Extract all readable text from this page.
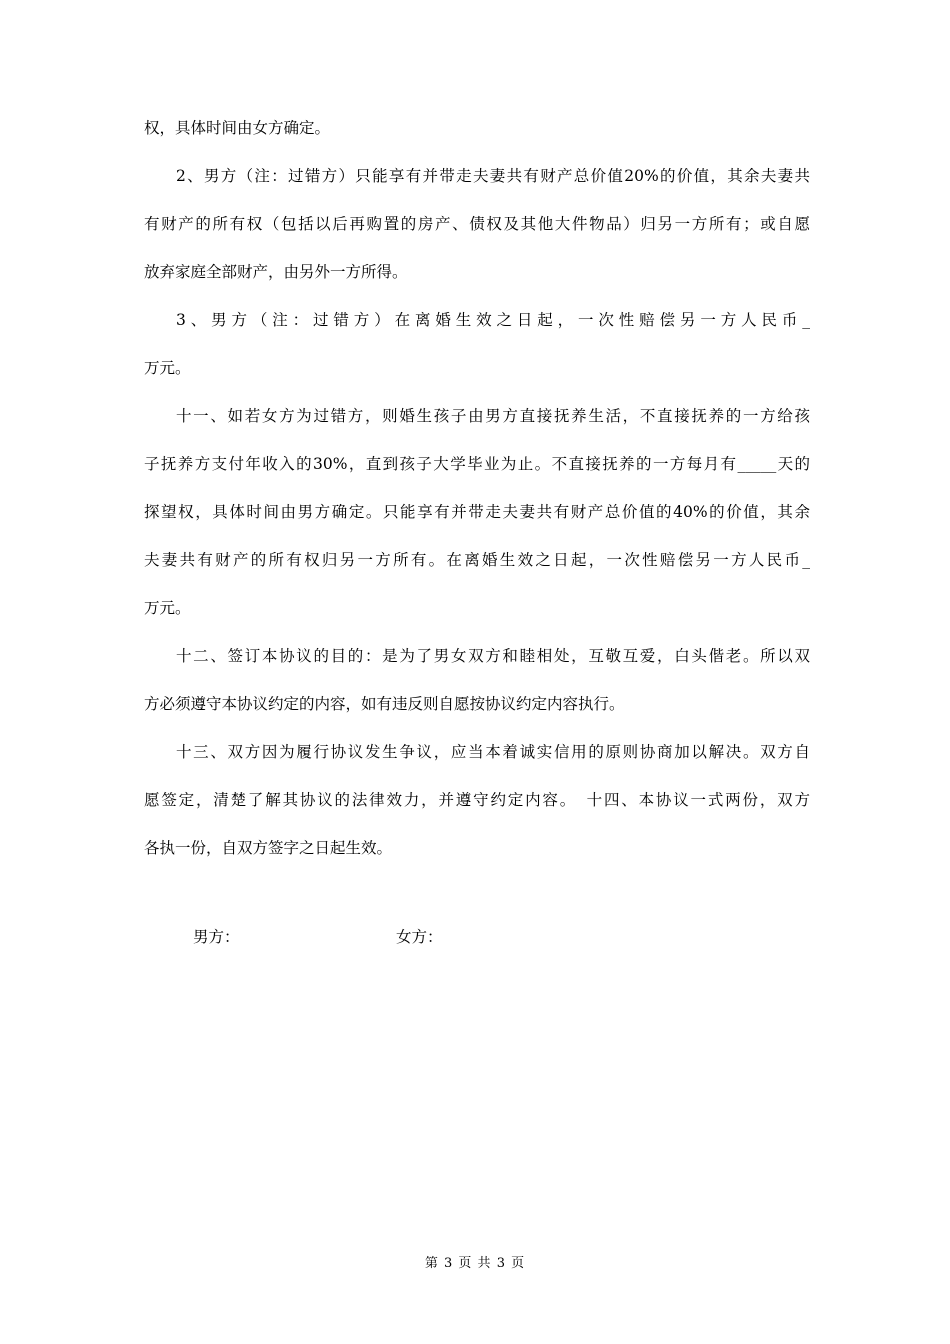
权，具体时间由女方确定。
2、男方（注：过错方）只能享有并带走夫妻共有财产总价值20%的价值，其余夫妻共
有财产的所有权（包括以后再购置的房产、债权及其他大件物品）归另一方所有；或自愿
放弃家庭全部财产，由另外一方所得。
3、男方（注：过错方）在离婚生效之日起，一次性赔偿另一方人民币_
万元。
十一、如若女方为过错方，则婚生孩子由男方直接抚养生活，不直接抚养的一方给孩
子抚养方支付年收入的30%，直到孩子大学毕业为止。不直接抚养的一方每月有_____天的
探望权，具体时间由男方确定。只能享有并带走夫妻共有财产总价值的40%的价值，其余
夫妻共有财产的所有权归另一方所有。在离婚生效之日起，一次性赔偿另一方人民币_
万元。
十二、签订本协议的目的：是为了男女双方和睦相处，互敬互爱，白头偕老。所以双
方必须遵守本协议约定的内容，如有违反则自愿按协议约定内容执行。
十三、双方因为履行协议发生争议，应当本着诚实信用的原则协商加以解决。双方自
愿签定，清楚了解其协议的法律效力，并遵守约定内容。　十四、本协议一式两份，双方
各执一份，自双方签字之日起生效。
男方：	女方：
第 3 页 共 3 页
